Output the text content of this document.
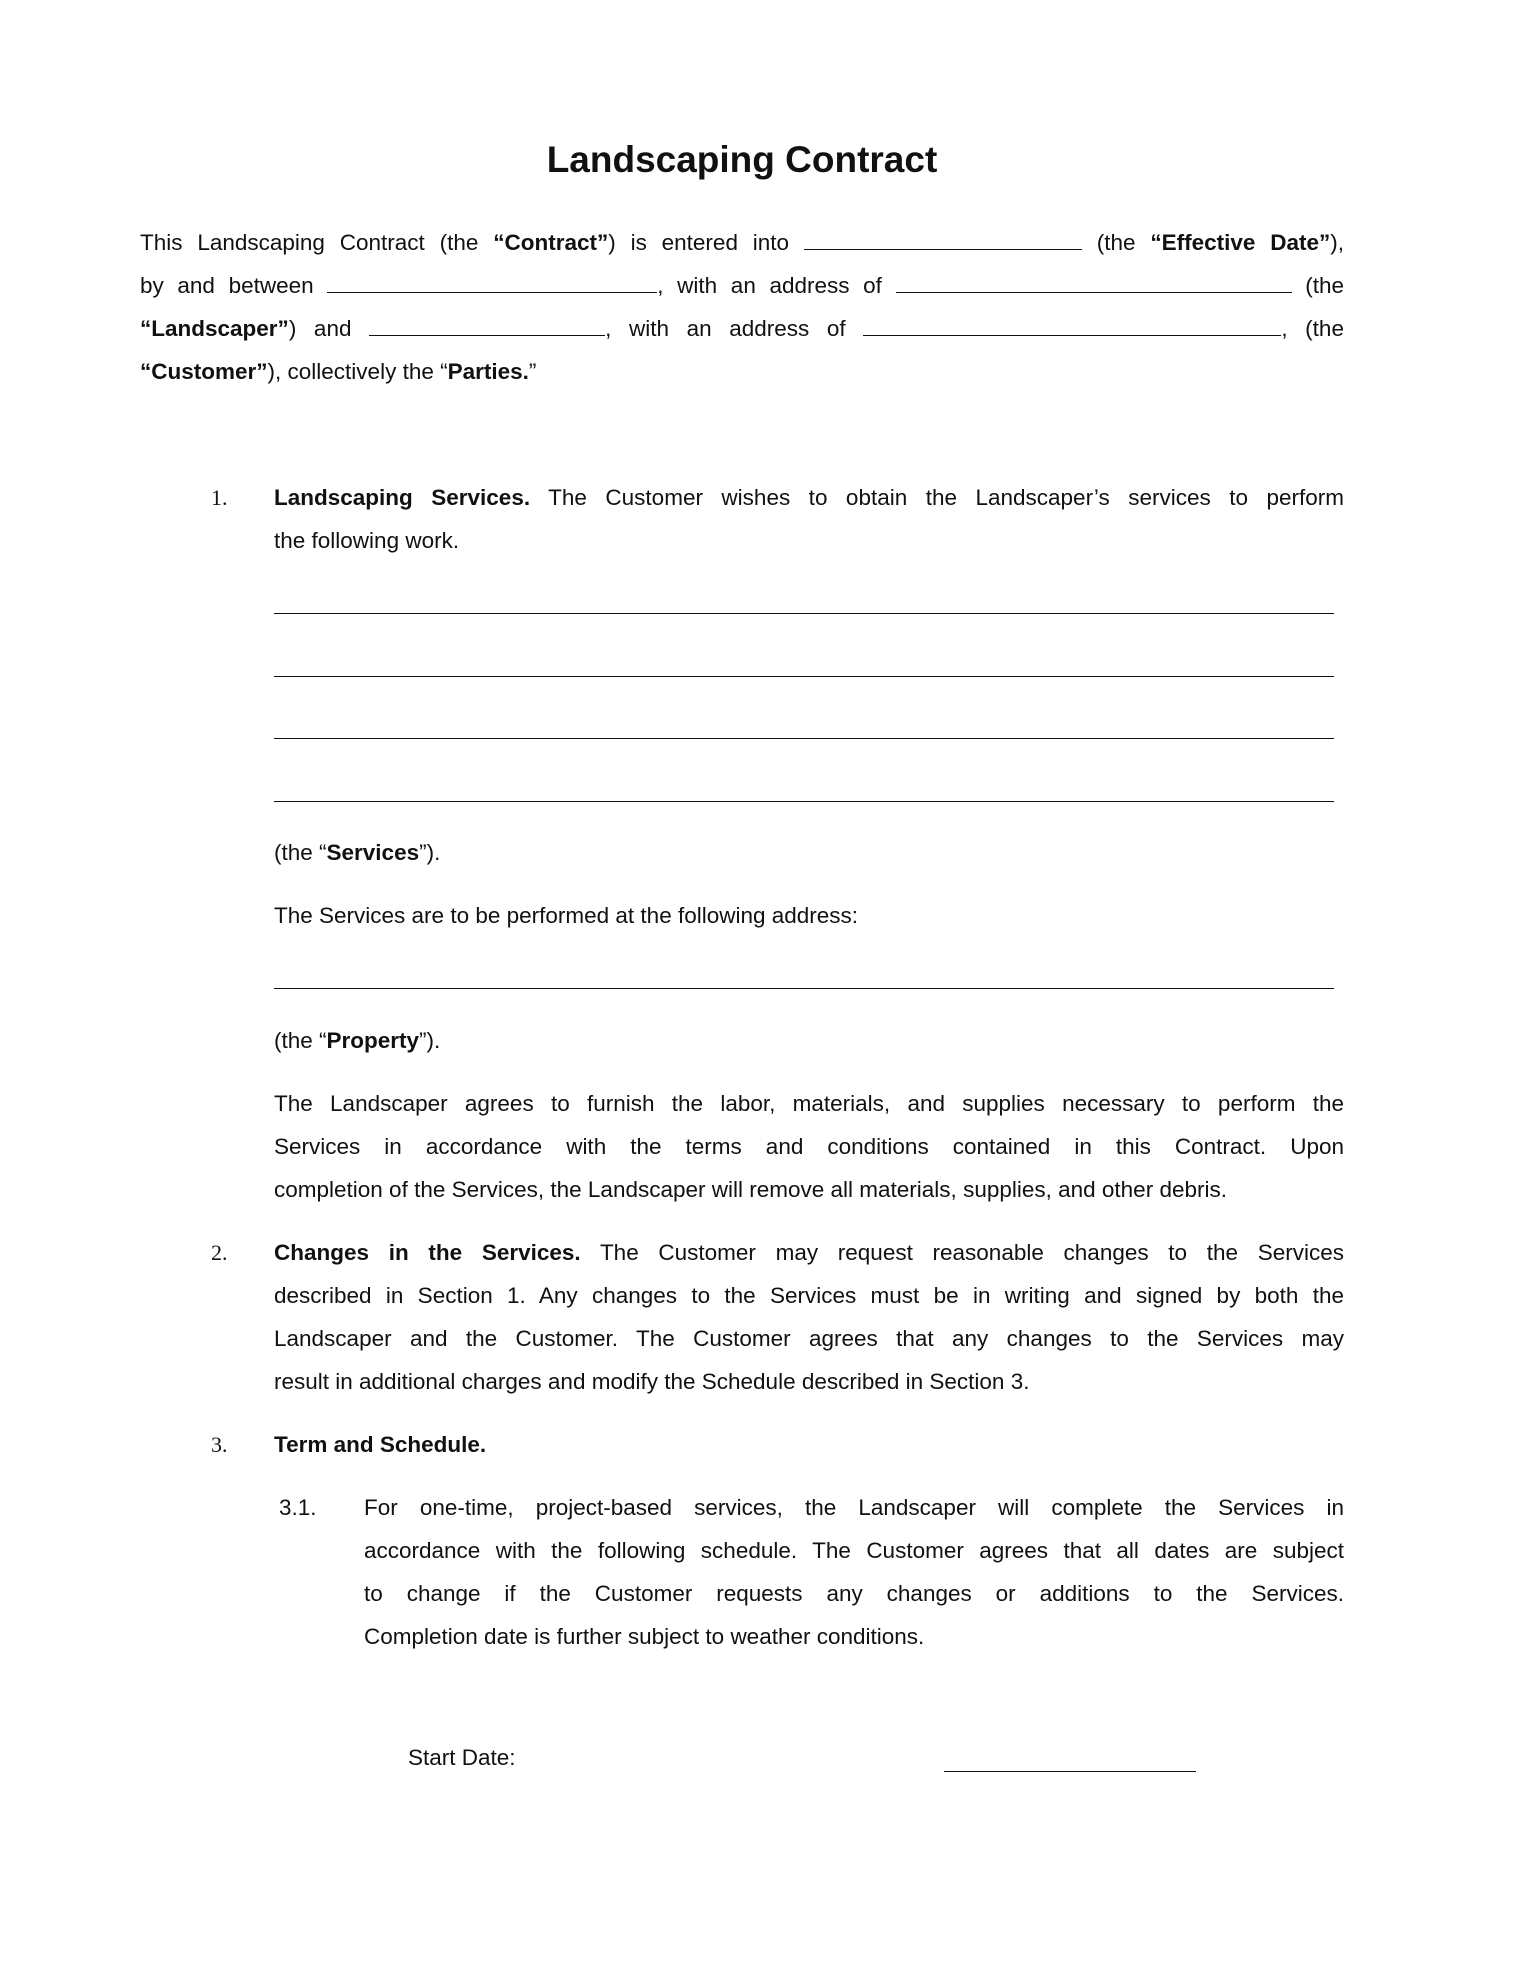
Landscaping Contract
This Landscaping Contract (the “Contract”) is entered into	(the “Effective Date”),
by and between	, with an address of	(the
“Landscaper”) and	, with an address of	, (the
“Customer”), collectively the “Parties.”
1. Landscaping Services. The Customer wishes to obtain the Landscaper’s services to perform
the following work.
(the “Services”).
The Services are to be performed at the following address:
(the “Property”).
The Landscaper agrees to furnish the labor, materials, and supplies necessary to perform the
Services in accordance with the terms and conditions contained in this Contract. Upon
completion of the Services, the Landscaper will remove all materials, supplies, and other debris.
2. Changes in the Services. The Customer may request reasonable changes to the Services
described in Section 1. Any changes to the Services must be in writing and signed by both the
Landscaper and the Customer. The Customer agrees that any changes to the Services may
result in additional charges and modify the Schedule described in Section 3.
3. Term and Schedule.
3.1. For one-time, project-based services, the Landscaper will complete the Services in
accordance with the following schedule. The Customer agrees that all dates are subject
to change if the Customer requests any changes or additions to the Services.
Completion date is further subject to weather conditions.
Start Date:
